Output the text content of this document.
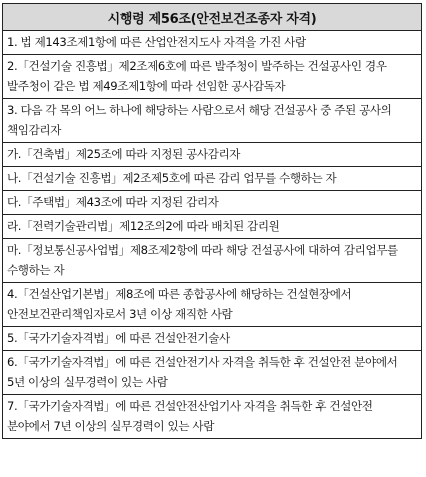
시행령 제56조(안전보건조종자 자격)
1. 법 제143조제1항에 따른 산업안전지도사 자격을 가진 사람
2.「건설기술 진흥법」제2조제6호에 따른 발주청이 발주하는 건설공사인 경우 발주청이 같은 법 제49조제1항에 따라 선임한 공사감독자
3. 다음 각 목의 어느 하나에 해당하는 사람으로서 해당 건설공사 중 주된 공사의 책임감리자
가.「건축법」제25조에 따라 지정된 공사감리자
나.「건설기술 진흥법」제2조제5호에 따른 감리 업무를 수행하는 자
다.「주택법」제43조에 따라 지정된 감리자
라.「전력기술관리법」제12조의2에 따라 배치된 감리원
마.「정보통신공사업법」제8조제2항에 따라 해당 건설공사에 대하여 감리업무를 수행하는 자
4.「건설산업기본법」제8조에 따른 종합공사에 해당하는 건설현장에서 안전보건관리책임자로서 3년 이상 재직한 사람
5.「국가기술자격법」에 따른 건설안전기술사
6.「국가기술자격법」에 따른 건설안전기사 자격을 취득한 후 건설안전 분야에서 5년 이상의 실무경력이 있는 사람
7.「국가기술자격법」에 따른 건설안전산업기사 자격을 취득한 후 건설안전 분야에서 7년 이상의 실무경력이 있는 사람
